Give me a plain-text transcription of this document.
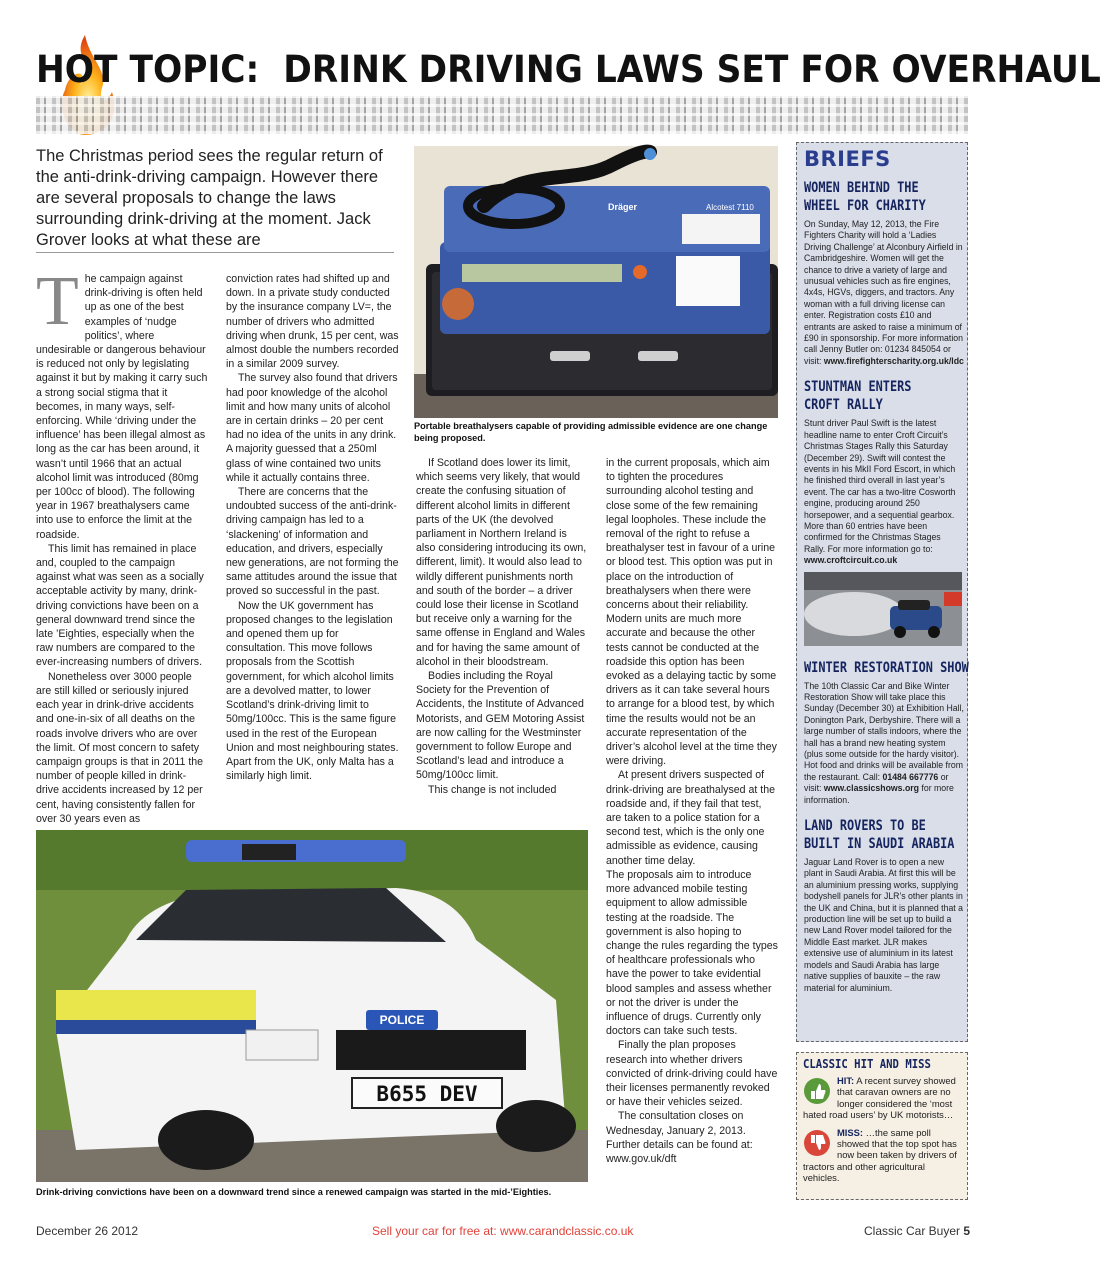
HOT TOPIC: DRINK DRIVING LAWS SET FOR OVERHAUL
The Christmas period sees the regular return of the anti-drink-driving campaign. However there are several proposals to change the laws surrounding drink-driving at the moment. Jack Grover looks at what these are
Dräger	Alcotest 7110
Portable breathalysers capable of providing admissible evidence are one change being proposed.
T he campaign against drink-driving is often held up as one of the best examples of ‘nudge politics’, where undesirable or dangerous behaviour is reduced not only by legislating against it but by making it carry such a strong social stigma that it becomes, in many ways, self-enforcing. While ‘driving under the influence’ has been illegal almost as long as the car has been around, it wasn’t until 1966 that an actual alcohol limit was introduced (80mg per 100cc of blood). The following year in 1967 breathalysers came into use to enforce the limit at the roadside.

This limit has remained in place and, coupled to the campaign against what was seen as a socially acceptable activity by many, drink-driving convictions have been on a general downward trend since the late ’Eighties, especially when the raw numbers are compared to the ever-increasing numbers of drivers.

Nonetheless over 3000 people are still killed or seriously injured each year in drink-drive accidents and one-in-six of all deaths on the roads involve drivers who are over the limit. Of most concern to safety campaign groups is that in 2011 the number of people killed in drink-drive accidents increased by 12 per cent, having consistently fallen for over 30 years even as

conviction rates had shifted up and down. In a private study conducted by the insurance company LV=, the number of drivers who admitted driving when drunk, 15 per cent, was almost double the numbers recorded in a similar 2009 survey.

The survey also found that drivers had poor knowledge of the alcohol limit and how many units of alcohol are in certain drinks – 20 per cent had no idea of the units in any drink. A majority guessed that a 250ml glass of wine contained two units while it actually contains three.

There are concerns that the undoubted success of the anti-drink-driving campaign has led to a ‘slackening’ of information and education, and drivers, especially new generations, are not forming the same attitudes around the issue that proved so successful in the past.

Now the UK government has proposed changes to the legislation and opened them up for consultation. This move follows proposals from the Scottish government, for which alcohol limits are a devolved matter, to lower Scotland’s drink-driving limit to 50mg/100cc. This is the same figure used in the rest of the European Union and most neighbouring states. Apart from the UK, only Malta has a similarly high limit.

If Scotland does lower its limit, which seems very likely, that would create the confusing situation of different alcohol limits in different parts of the UK (the devolved parliament in Northern Ireland is also considering introducing its own, different, limit). It would also lead to wildly different punishments north and south of the border – a driver could lose their license in Scotland but receive only a warning for the same offense in England and Wales and for having the same amount of alcohol in their bloodstream.

Bodies including the Royal Society for the Prevention of Accidents, the Institute of Advanced Motorists, and GEM Motoring Assist are now calling for the Westminster government to follow Europe and Scotland’s lead and introduce a 50mg/100cc limit.

This change is not included

in the current proposals, which aim to tighten the procedures surrounding alcohol testing and close some of the few remaining legal loopholes. These include the removal of the right to refuse a breathalyser test in favour of a urine or blood test. This option was put in place on the introduction of breathalysers when there were concerns about their reliability. Modern units are much more accurate and because the other tests cannot be conducted at the roadside this option has been evoked as a delaying tactic by some drivers as it can take several hours to arrange for a blood test, by which time the results would not be an accurate representation of the driver’s alcohol level at the time they were driving.

At present drivers suspected of drink-driving are breathalysed at the roadside and, if they fail that test, are taken to a police station for a second test, which is the only one admissible as evidence, causing another time delay.

The proposals aim to introduce more advanced mobile testing equipment to allow admissible testing at the roadside. The government is also hoping to change the rules regarding the types of healthcare professionals who have the power to take evidential blood samples and assess whether or not the driver is under the influence of drugs. Currently only doctors can take such tests.

Finally the plan proposes research into whether drivers convicted of drink-driving could have their licenses permanently revoked or have their vehicles seized.

The consultation closes on Wednesday, January 2, 2013. Further details can be found at: www.gov.uk/dft

POLICE
B655 DEV
Drink-driving convictions have been on a downward trend since a renewed campaign was started in the mid-’Eighties.
BRIEFS
WOMEN BEHIND THE
WHEEL FOR CHARITY
On Sunday, May 12, 2013, the Fire Fighters Charity will hold a ‘Ladies Driving Challenge’ at Alconbury Airfield in Cambridgeshire. Women will get the chance to drive a variety of large and unusual vehicles such as fire engines, 4x4s, HGVs, diggers, and tractors. Any woman with a full driving license can enter. Registration costs £10 and entrants are asked to raise a minimum of £90 in sponsorship. For more information call Jenny Butler on: 01234 845054 or visit: www.firefighterscharity.org.uk/ldc
STUNTMAN ENTERS
CROFT RALLY
Stunt driver Paul Swift is the latest headline name to enter Croft Circuit’s Christmas Stages Rally this Saturday (December 29). Swift will contest the events in his MkII Ford Escort, in which he finished third overall in last year’s event. The car has a two-litre Cosworth engine, producing around 250 horsepower, and a sequential gearbox. More than 60 entries have been confirmed for the Christmas Stages Rally. For more information go to: www.croftcircuit.co.uk
WINTER RESTORATION SHOW
The 10th Classic Car and Bike Winter Restoration Show will take place this Sunday (December 30) at Exhibition Hall, Donington Park, Derbyshire. There will a large number of stalls indoors, where the hall has a brand new heating system (plus some outside for the hardy visitor). Hot food and drinks will be available from the restaurant. Call: 01484 667776 or visit: www.classicshows.org for more information.
LAND ROVERS TO BE
BUILT IN SAUDI ARABIA
Jaguar Land Rover is to open a new plant in Saudi Arabia. At first this will be an aluminium pressing works, supplying bodyshell panels for JLR’s other plants in the UK and China, but it is planned that a production line will be set up to build a new Land Rover model tailored for the Middle East market. JLR makes extensive use of aluminium in its latest models and Saudi Arabia has large native supplies of bauxite – the raw material for aluminium.
CLASSIC HIT AND MISS
HIT: A recent survey showed that caravan owners are no longer considered the ‘most hated road users’ by UK motorists…
MISS: …the same poll showed that the top spot has now been taken by drivers of tractors and other agricultural vehicles.
December 26 2012	Sell your car for free at: www.carandclassic.co.uk	Classic Car Buyer 5
